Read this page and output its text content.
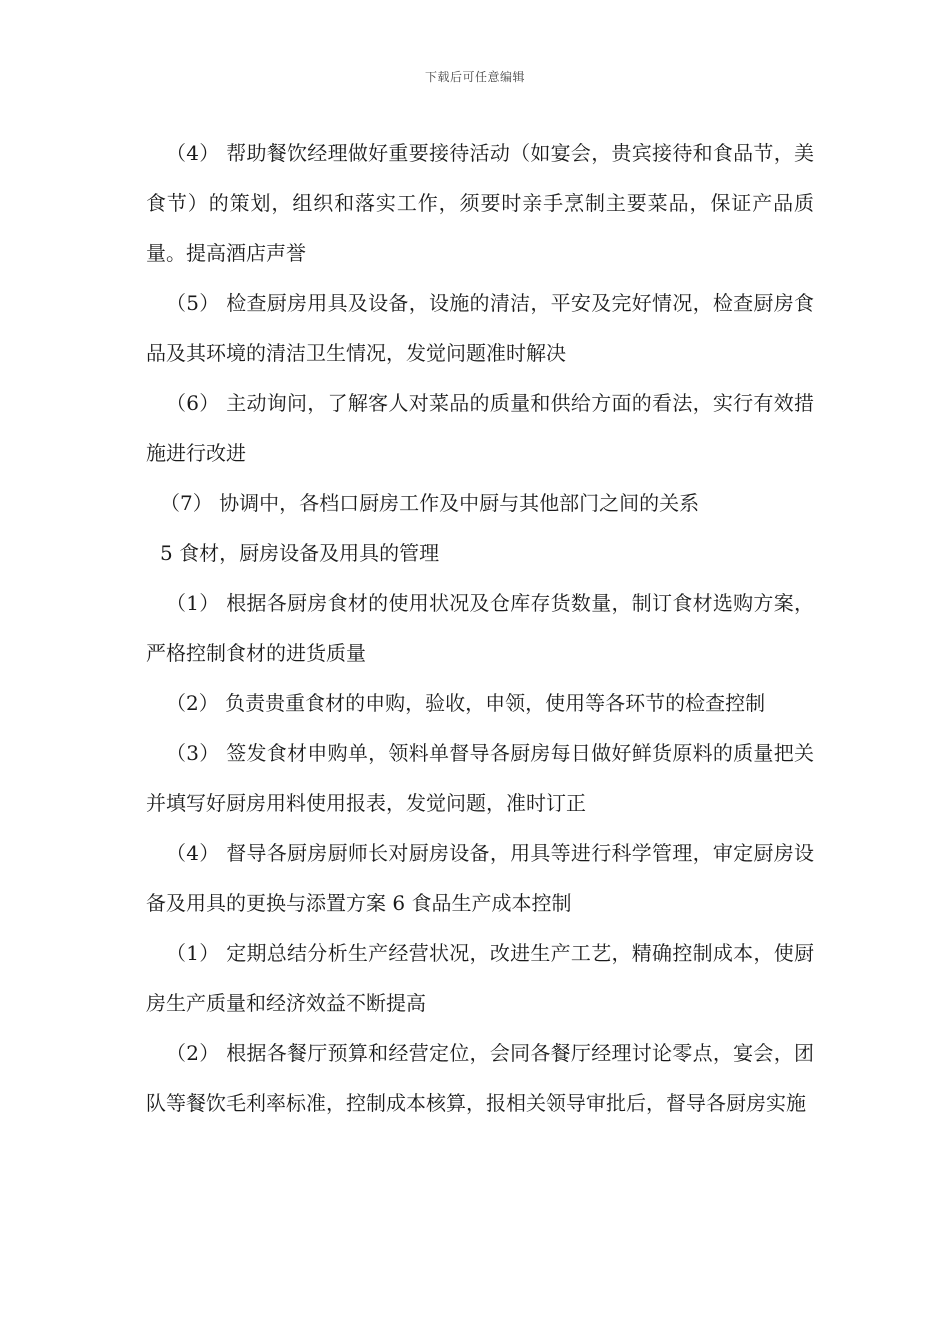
下载后可任意编辑

（4） 帮助餐饮经理做好重要接待活动（如宴会，贵宾接待和食品节，美食节）的策划，组织和落实工作，须要时亲手烹制主要菜品，保证产品质量。提高酒店声誉

（5） 检查厨房用具及设备，设施的清洁，平安及完好情况，检查厨房食品及其环境的清洁卫生情况，发觉问题准时解决

（6） 主动询问，了解客人对菜品的质量和供给方面的看法，实行有效措施进行改进

（7） 协调中，各档口厨房工作及中厨与其他部门之间的关系

5 食材，厨房设备及用具的管理

（1） 根据各厨房食材的使用状况及仓库存货数量，制订食材选购方案，严格控制食材的进货质量

（2） 负责贵重食材的申购，验收，申领，使用等各环节的检查控制

（3） 签发食材申购单，领料单督导各厨房每日做好鲜货原料的质量把关并填写好厨房用料使用报表，发觉问题，准时订正

（4） 督导各厨房厨师长对厨房设备，用具等进行科学管理，审定厨房设备及用具的更换与添置方案 6 食品生产成本控制

（1） 定期总结分析生产经营状况，改进生产工艺，精确控制成本，使厨房生产质量和经济效益不断提高

（2） 根据各餐厅预算和经营定位，会同各餐厅经理讨论零点，宴会，团队等餐饮毛利率标准，控制成本核算，报相关领导审批后，督导各厨房实施
